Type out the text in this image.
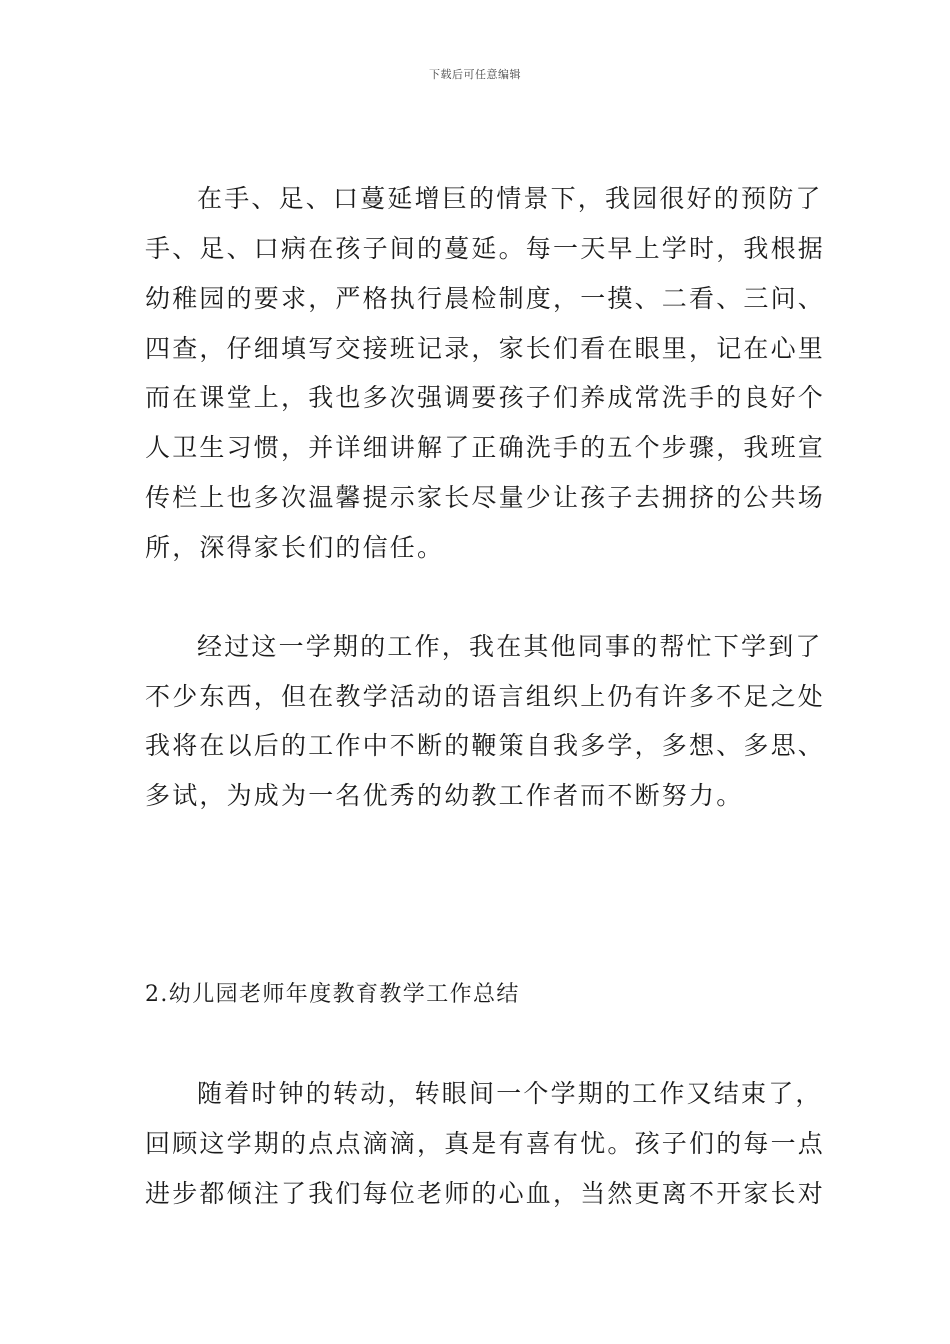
下载后可任意编辑
在手、足、口蔓延增巨的情景下，我园很好的预防了
手、足、口病在孩子间的蔓延。每一天早上学时，我根据
幼稚园的要求，严格执行晨检制度，一摸、二看、三问、
四查，仔细填写交接班记录，家长们看在眼里，记在心里
而在课堂上，我也多次强调要孩子们养成常洗手的良好个
人卫生习惯，并详细讲解了正确洗手的五个步骤，我班宣
传栏上也多次温馨提示家长尽量少让孩子去拥挤的公共场
所，深得家长们的信任。
经过这一学期的工作，我在其他同事的帮忙下学到了
不少东西，但在教学活动的语言组织上仍有许多不足之处
我将在以后的工作中不断的鞭策自我多学，多想、多思、
多试，为成为一名优秀的幼教工作者而不断努力。
2.幼儿园老师年度教育教学工作总结
随着时钟的转动，转眼间一个学期的工作又结束了，
回顾这学期的点点滴滴，真是有喜有忧。孩子们的每一点
进步都倾注了我们每位老师的心血，当然更离不开家长对
